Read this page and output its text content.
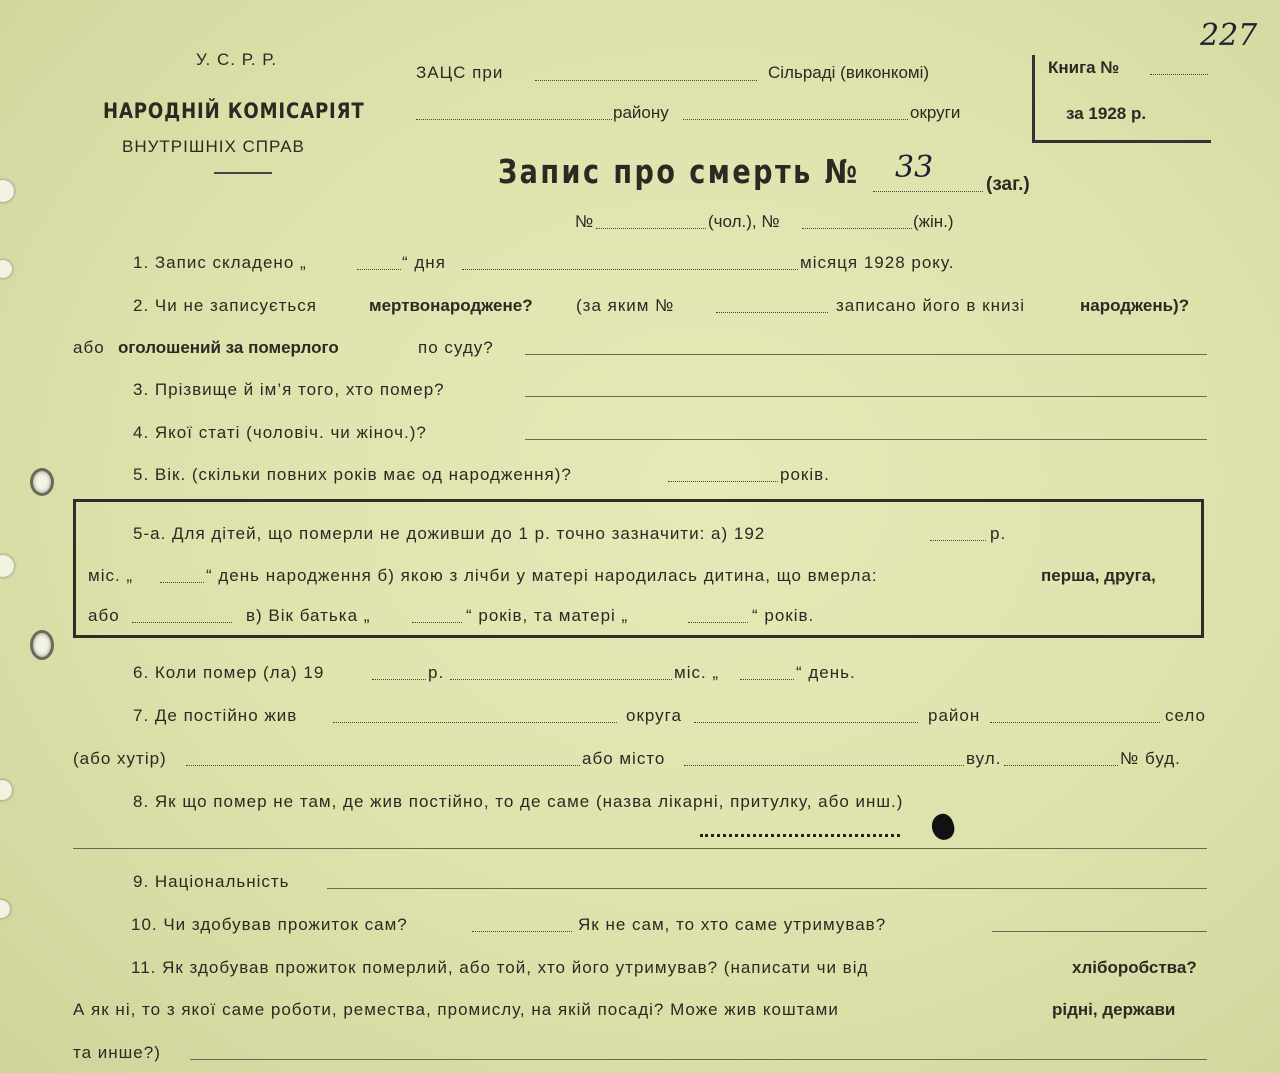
У. С. Р. Р.
НАРОДНІЙ КОМІСАРІЯТ
ВНУТРІШНІХ СПРАВ
ЗАЦС при	Сільраді (виконкомі)
району	округи
Книга №
за 1928 р.
227
Запис про смерть № 33	(заг.)
№	(чол.), №	(жін.)
1. Запис складено „	“ дня	місяця 1928 року.
2. Чи не записується	мертвонароджене?	(за яким №	записано його в книзі	народжень)?
або оголошений за померлого	по суду?
3. Прізвище й ім’я того, хто помер?
4. Якої статі (чоловіч. чи жіноч.)?
5. Вік. (скільки повних років має од народження)?	років.
5-а. Для дітей, що померли не доживши до 1 р. точно зазначити: а) 192	р.
міс. „	“ день народження б) якою з лічби у матері народилась дитина, що вмерла:	перша, друга,
або	в) Вік батька „	“ років, та матері „	“ років.
6. Коли помер (ла) 19	р.	міс. „	“ день.
7. Де постійно жив	округа	район	село
(або хутір)	або місто	вул.	№ буд.
8. Як що помер не там, де жив постійно, то де саме (назва лікарні, притулку, або инш.)
9. Національність
10. Чи здобував прожиток сам?	Як не сам, то хто саме утримував?
11. Як здобував прожиток померлий, або той, хто його утримував? (написати чи від	хліборобства?
А як ні, то з якої саме роботи, ремества, промислу, на якій посаді? Може жив коштами	рідні, держави
та инше?)
